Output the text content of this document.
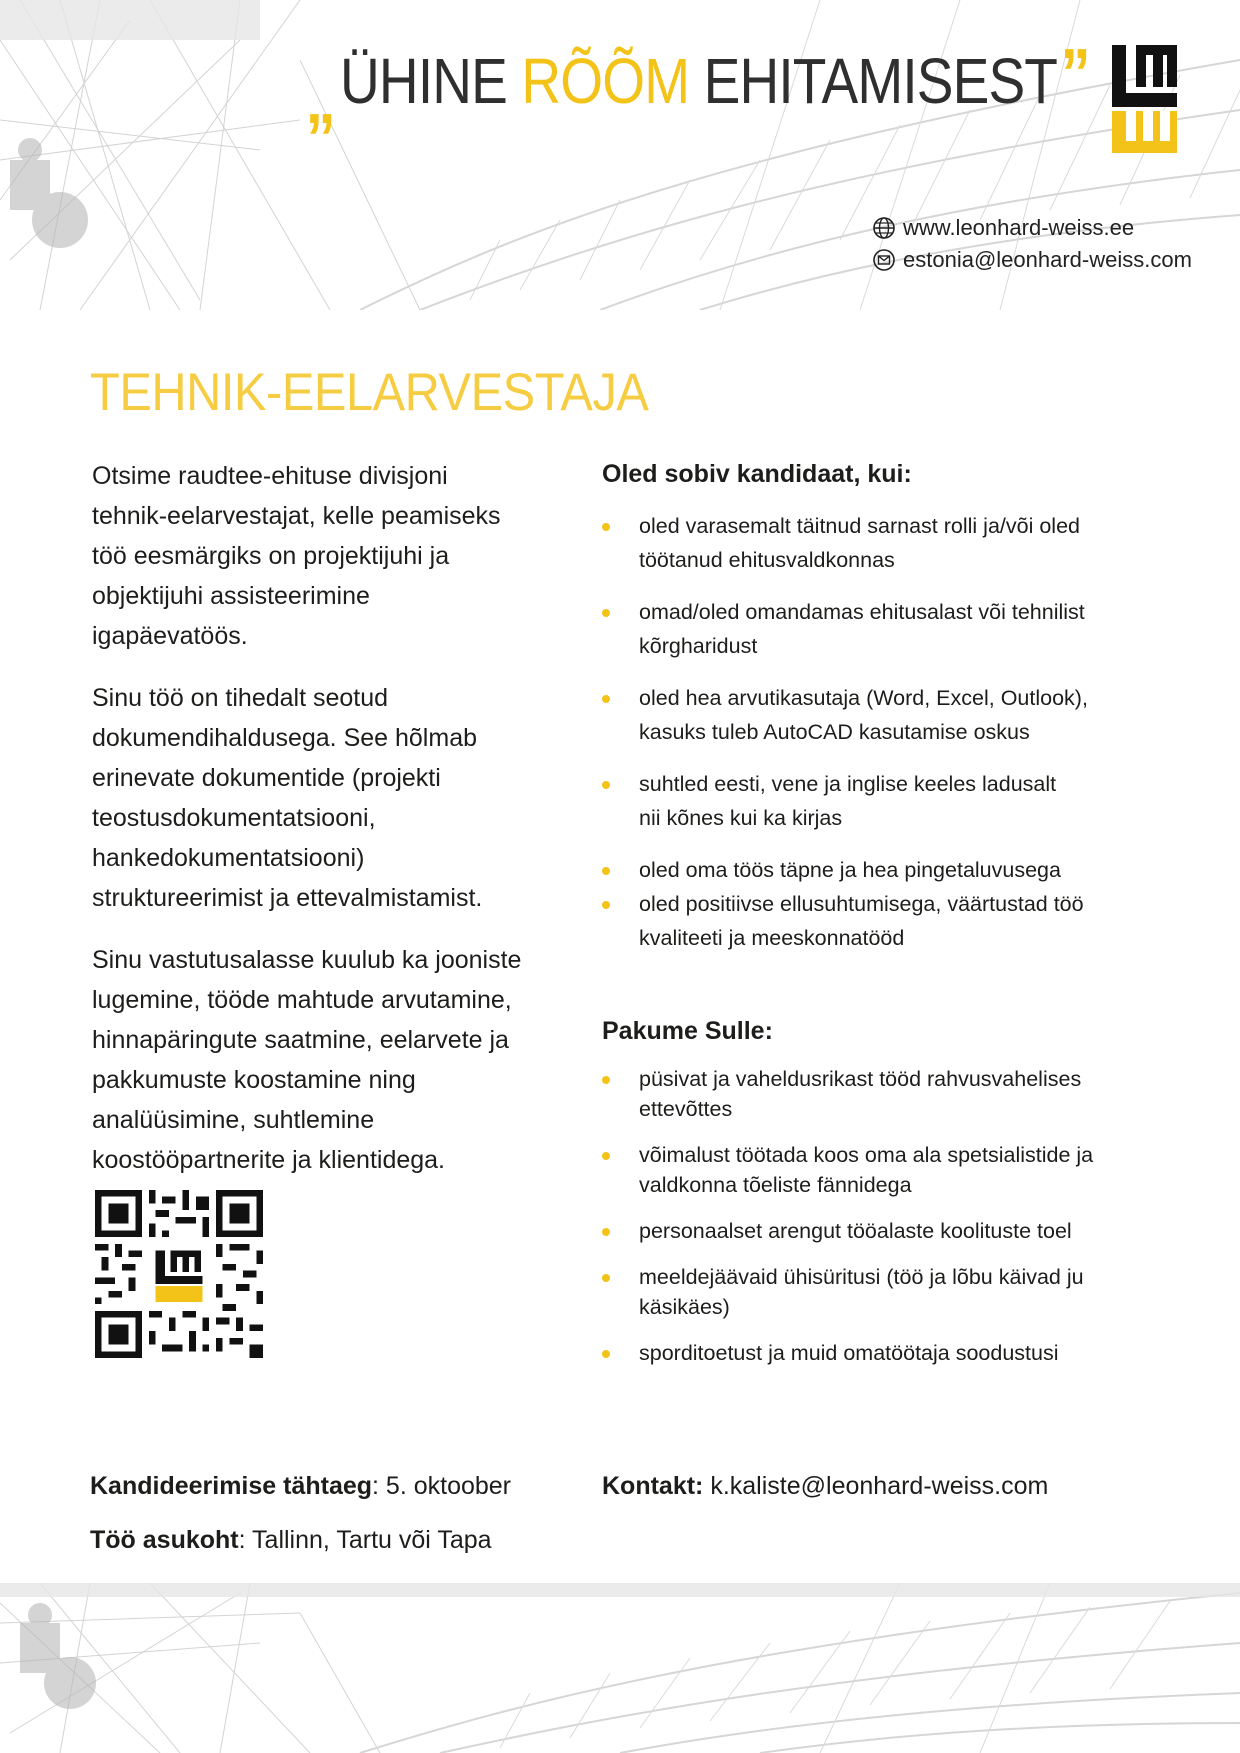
„ÜHINE RÕÕM EHITAMISEST”
www.leonhard-weiss.ee
estonia@leonhard-weiss.com
TEHNIK-EELARVESTAJA

Otsime raudtee-ehituse divisjoni
tehnik-eelarvestajat, kelle peamiseks
töö eesmärgiks on projektijuhi ja
objektijuhi assisteerimine
igapäevatöös.

Sinu töö on tihedalt seotud
dokumendihaldusega. See hõlmab
erinevate dokumentide (projekti
teostusdokumentatsiooni,
hankedokumentatsiooni)
struktureerimist ja ettevalmistamist.

Sinu vastutusalasse kuulub ka jooniste
lugemine, tööde mahtude arvutamine,
hinnapäringute saatmine, eelarvete ja
pakkumuste koostamine ning
analüüsimine, suhtlemine
koostööpartnerite ja klientidega.

Oled sobiv kandidaat, kui:
oled varasemalt täitnud sarnast rolli ja/või oled
töötanud ehitusvaldkonnas
omad/oled omandamas ehitusalast või tehnilist
kõrgharidust
oled hea arvutikasutaja (Word, Excel, Outlook),
kasuks tuleb AutoCAD kasutamise oskus
suhtled eesti, vene ja inglise keeles ladusalt
nii kõnes kui ka kirjas
oled oma töös täpne ja hea pingetaluvusega
oled positiivse ellusuhtumisega, väärtustad töö
kvaliteeti ja meeskonnatööd
Pakume Sulle:
püsivat ja vaheldusrikast tööd rahvusvahelises
ettevõttes
võimalust töötada koos oma ala spetsialistide ja
valdkonna tõeliste fännidega
personaalset arengut tööalaste koolituste toel
meeldejäävaid ühisüritusi (töö ja lõbu käivad ju
käsikäes)
sporditoetust ja muid omatöötaja soodustusi
Kandideerimise tähtaeg: 5. oktoober
Töö asukoht: Tallinn, Tartu või Tapa
Kontakt: k.kaliste@leonhard-weiss.com
